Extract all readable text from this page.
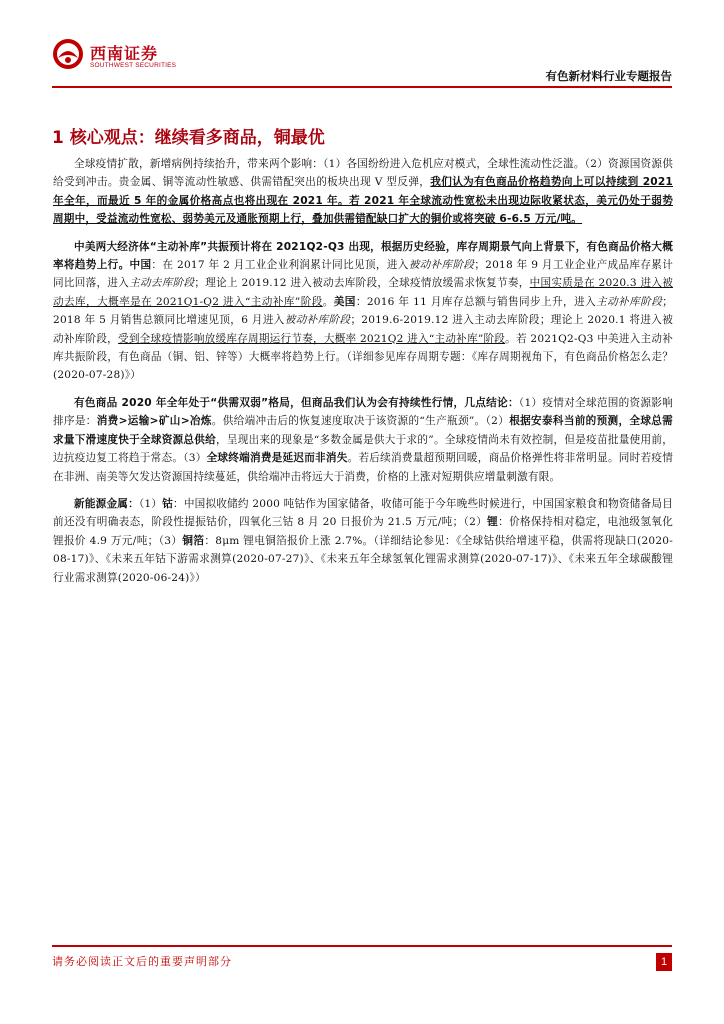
西南证券
SOUTHWEST SECURITIES
有色新材料行业专题报告
1 核心观点：继续看多商品，铜最优

全球疫情扩散，新增病例持续抬升，带来两个影响：（1）各国纷纷进入危机应对模式，全球性流动性泛滥。（2）资源国资源供给受到冲击。贵金属、铜等流动性敏感、供需错配突出的板块出现 V 型反弹，我们认为有色商品价格趋势向上可以持续到 2021 年全年，而最近 5 年的金属价格高点也将出现在 2021 年。若 2021 年全球流动性宽松未出现边际收紧状态，美元仍处于弱势周期中，受益流动性宽松、弱势美元及通胀预期上行，叠加供需错配缺口扩大的铜价或将突破 6-6.5 万元/吨。

中美两大经济体“主动补库”共振预计将在 2021Q2-Q3 出现，根据历史经验，库存周期景气向上背景下，有色商品价格大概率将趋势上行。中国：在 2017 年 2 月工业企业利润累计同比见顶，进入被动补库阶段；2018 年 9 月工业企业产成品库存累计同比回落，进入主动去库阶段；理论上 2019.12 进入被动去库阶段，全球疫情放缓需求恢复节奏，中国实质是在 2020.3 进入被动去库，大概率是在 2021Q1-Q2 进入“主动补库”阶段。美国：2016 年 11 月库存总额与销售同步上升，进入主动补库阶段；2018 年 5 月销售总额同比增速见顶，6 月进入被动补库阶段；2019.6-2019.12 进入主动去库阶段；理论上 2020.1 将进入被动补库阶段，受到全球疫情影响放缓库存周期运行节奏，大概率 2021Q2 进入“主动补库”阶段。若 2021Q2-Q3 中美进入主动补库共振阶段，有色商品（铜、铝、锌等）大概率将趋势上行。（详细参见库存周期专题：《库存周期视角下，有色商品价格怎么走？(2020-07-28)》）

有色商品 2020 年全年处于“供需双弱”格局，但商品我们认为会有持续性行情，几点结论：（1）疫情对全球范围的资源影响排序是：消费>运输>矿山>冶炼。供给端冲击后的恢复速度取决于该资源的“生产瓶颈”。（2）根据安泰科当前的预测，全球总需求量下滑速度快于全球资源总供给，呈现出来的现象是“多数金属是供大于求的”。全球疫情尚未有效控制，但是疫苗批量使用前，边抗疫边复工将趋于常态。（3）全球终端消费是延迟而非消失。若后续消费量超预期回暖，商品价格弹性将非常明显。同时若疫情在非洲、南美等欠发达资源国持续蔓延，供给端冲击将远大于消费，价格的上涨对短期供应增量刺激有限。

新能源金属：（1）钴：中国拟收储约 2000 吨钴作为国家储备，收储可能于今年晚些时候进行，中国国家粮食和物资储备局目前还没有明确表态，阶段性提振钴价，四氧化三钴 8 月 20 日报价为 21.5 万元/吨；（2）锂：价格保持相对稳定，电池级氢氧化锂报价 4.9 万元/吨；（3）铜箔：8μm 锂电铜箔报价上涨 2.7%。（详细结论参见：《全球钴供给增速平稳，供需将现缺口(2020-08-17)》、《未来五年钴下游需求测算(2020-07-27)》、《未来五年全球氢氧化锂需求测算(2020-07-17)》、《未来五年全球碳酸锂行业需求测算(2020-06-24)》）

请务必阅读正文后的重要声明部分	1
